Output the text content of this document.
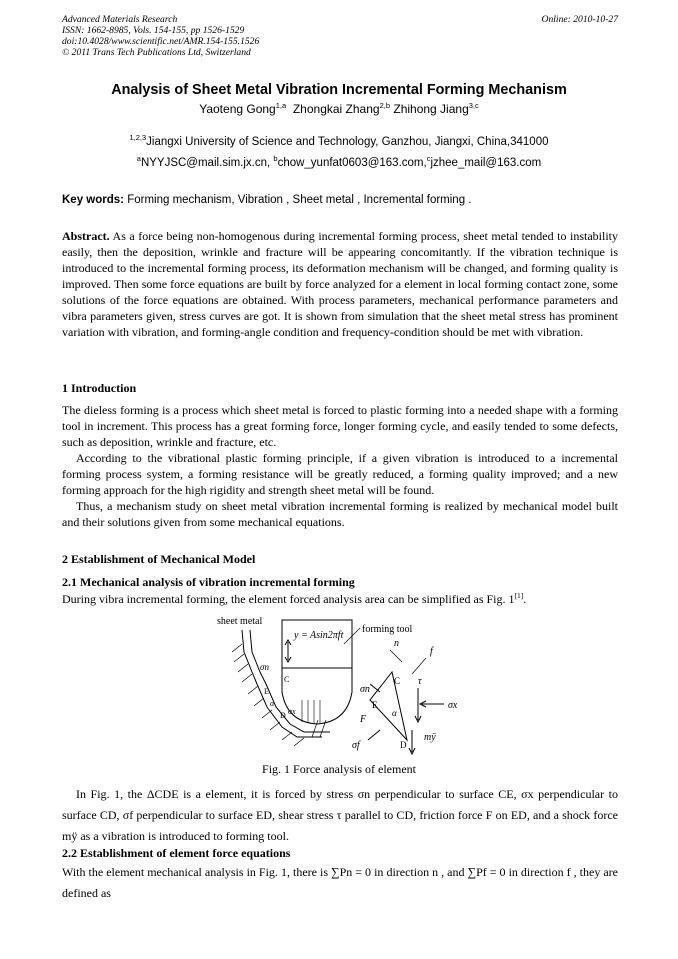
Advanced Materials Research
ISSN: 1662-8985, Vols. 154-155, pp 1526-1529
doi:10.4028/www.scientific.net/AMR.154-155.1526
© 2011 Trans Tech Publications Ltd, Switzerland
Online: 2010-10-27
Analysis of Sheet Metal Vibration Incremental Forming Mechanism
Yaoteng Gong$^{1,a}$ Zhongkai Zhang$^{2,b}$ Zhihong Jiang$^{3,c}$
$^{1,2,3}$Jiangxi University of Science and Technology, Ganzhou, Jiangxi, China,341000
$^a$NYYJSC@mail.sim.jx.cn, $^b$chow_yunfat0603@163.com,$^c$jzhee_mail@163.com
Key words: Forming mechanism, Vibration , Sheet metal , Incremental forming .

Abstract. As a force being non-homogenous during incremental forming process, sheet metal tended to instability easily, then the deposition, wrinkle and fracture will be appearing concomitantly. If the vibration technique is introduced to the incremental forming process, its deformation mechanism will be changed, and forming quality is improved. Then some force equations are built by force analyzed for a element in local forming contact zone, some solutions of the force equations are obtained. With process parameters, mechanical performance parameters and vibra parameters given, stress curves are got. It is shown from simulation that the sheet metal stress has prominent variation with vibration, and forming-angle condition and frequency-condition should be met with vibration.

1 Introduction

The dieless forming is a process which sheet metal is forced to plastic forming into a needed shape with a forming tool in increment. This process has a great forming force, longer forming cycle, and easily tended to some defects, such as deposition, wrinkle and fracture, etc.

According to the vibrational plastic forming principle, if a given vibration is introduced to a incremental forming process system, a forming resistance will be greatly reduced, a forming quality improved; and a new forming approach for the high rigidity and strength sheet metal will be found.

Thus, a mechanism study on sheet metal vibration incremental forming is realized by mechanical model built and their solutions given from some mechanical equations.

2 Establishment of Mechanical Model
2.1 Mechanical analysis of vibration incremental forming
During vibra incremental forming, the element forced analysis area can be simplified as Fig. 1[1].
sheet metal
y = Asin2πft
σn
C
E
α
D σx
forming tool
n
f
C
E
D
α
σn
F
σf
τ
σx
mÿ
Fig. 1 Force analysis of element

In Fig. 1, the ΔCDE is a element, it is forced by stress σn perpendicular to surface CE, σx perpendicular to surface CD, σf perpendicular to surface ED, shear stress τ parallel to CD, friction force F on ED, and a shock force mÿ as a vibration is introduced to forming tool.

2.2 Establishment of element force equations

With the element mechanical analysis in Fig. 1, there is ∑Pn = 0 in direction n , and ∑Pf = 0 in direction f , they are defined as
